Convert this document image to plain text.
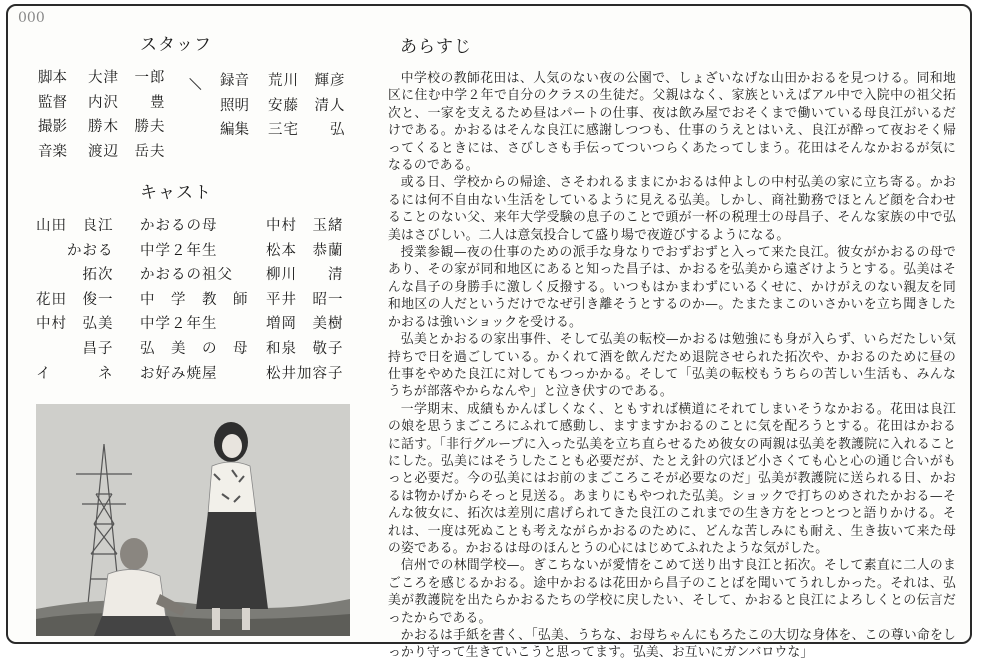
000
スタッフ
脚本	大津　一郎
監督	内沢　　豊
撮影	勝木　勝夫
音楽	渡辺　岳夫
録音	荒川　輝彦
照明	安藤　清人
編集	三宅　　弘
キャスト
山田　良江	かおるの母	中村　玉緒
　　かおる	中学２年生	松本　恭蘭
　　　拓次	かおるの祖父	柳川　　清
花田　俊一	中　学　教　師	平井　昭一
中村　弘美	中学２年生	増岡　美樹
　　　昌子	弘　美　の　母	和泉　敬子
イ　　　ネ	お好み焼屋	松井加容子
あらすじ

中学校の教師花田は、人気のない夜の公園で、しょざいなげな山田かおるを見つける。同和地区に住む中学２年で自分のクラスの生徒だ。父親はなく、家族といえばアル中で入院中の祖父拓次と、一家を支えるため昼はパートの仕事、夜は飲み屋でおそくまで働いている母良江がいるだけである。かおるはそんな良江に感謝しつつも、仕事のうえとはいえ、良江が酔って夜おそく帰ってくるときには、さびしさも手伝ってついつらくあたってしまう。花田はそんなかおるが気になるのである。

或る日、学校からの帰途、さそわれるままにかおるは仲よしの中村弘美の家に立ち寄る。かおるには何不自由ない生活をしているように見える弘美。しかし、商社勤務でほとんど顔を合わせることのない父、来年大学受験の息子のことで頭が一杯の税理士の母昌子、そんな家族の中で弘美はさびしい。二人は意気投合して盛り場で夜遊びするようになる。

授業参観—夜の仕事のための派手な身なりでおずおずと入って来た良江。彼女がかおるの母であり、その家が同和地区にあると知った昌子は、かおるを弘美から遠ざけようとする。弘美はそんな昌子の身勝手に激しく反撥する。いつもはかまわずにいるくせに、かけがえのない親友を同和地区の人だというだけでなぜ引き離そうとするのか—。たまたまこのいさかいを立ち聞きしたかおるは強いショックを受ける。

弘美とかおるの家出事件、そして弘美の転校—かおるは勉強にも身が入らず、いらだたしい気持ちで日を過ごしている。かくれて酒を飲んだため退院させられた拓次や、かおるのために昼の仕事をやめた良江に対してもつっかかる。そして「弘美の転校もうちらの苦しい生活も、みんなうちが部落やからなんや」と泣き伏すのである。

一学期末、成績もかんばしくなく、ともすれば横道にそれてしまいそうなかおる。花田は良江の娘を思うまごころにふれて感動し、ますますかおるのことに気を配ろうとする。花田はかおるに話す。「非行グループに入った弘美を立ち直らせるため彼女の両親は弘美を教護院に入れることにした。弘美にはそうしたことも必要だが、たとえ針の穴ほど小さくても心と心の通じ合いがもっと必要だ。今の弘美にはお前のまごころこそが必要なのだ」弘美が教護院に送られる日、かおるは物かげからそっと見送る。あまりにもやつれた弘美。ショックで打ちのめされたかおる—そんな彼女に、拓次は差別に虐げられてきた良江のこれまでの生き方をとつとつと語りかける。それは、一度は死ぬことも考えながらかおるのために、どんな苦しみにも耐え、生き抜いて来た母の姿である。かおるは母のほんとうの心にはじめてふれたような気がした。

信州での林間学校—。ぎこちないが愛情をこめて送り出す良江と拓次。そして素直に二人のまごころを感じるかおる。途中かおるは花田から昌子のことばを聞いてうれしかった。それは、弘美が教護院を出たらかおるたちの学校に戻したい、そして、かおると良江によろしくとの伝言だったからである。

かおるは手紙を書く、「弘美、うちな、お母ちゃんにもろたこの大切な身体を、この尊い命をしっかり守って生きていこうと思ってます。弘美、お互いにガンバロウな」
